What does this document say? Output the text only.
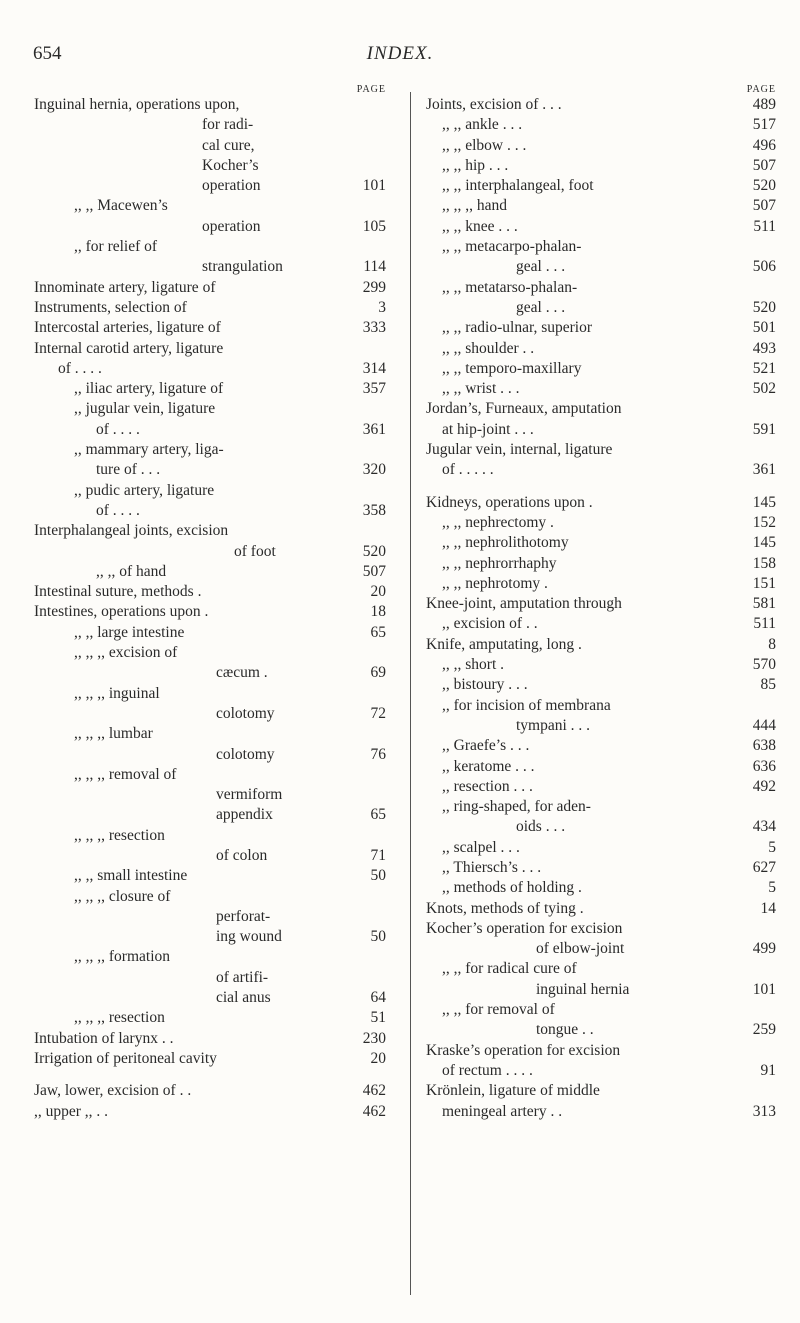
654	INDEX.
PAGE
Inguinal hernia, operations upon,
for radi-
cal cure,
Kocher’s
operation	101
,, ,, Macewen’s
operation	105
,, for relief of
strangulation	114
Innominate artery, ligature of	299
Instruments, selection of	3
Intercostal arteries, ligature of	333
Internal carotid artery, ligature
of . . . .	314
,, iliac artery, ligature of	357
,, jugular vein, ligature
of . . . .	361
,, mammary artery, liga-
ture of . . .	320
,, pudic artery, ligature
of . . . .	358
Interphalangeal joints, excision
of foot	520
,, ,, of hand	507
Intestinal suture, methods .	20
Intestines, operations upon .	18
,, ,, large intestine	65
,, ,, ,, excision of
cæcum .	69
,, ,, ,, inguinal
colotomy	72
,, ,, ,, lumbar
colotomy	76
,, ,, ,, removal of
vermiform
appendix	65
,, ,, ,, resection
of colon	71
,, ,, small intestine	50
,, ,, ,, closure of
perforat-
ing wound	50
,, ,, ,, formation
of artifi-
cial anus	64
,, ,, ,, resection	51
Intubation of larynx . .	230
Irrigation of peritoneal cavity	20
Jaw, lower, excision of . .	462
,, upper ,, . .	462
PAGE
Joints, excision of . . .	489
,, ,, ankle . . .	517
,, ,, elbow . . .	496
,, ,, hip . . .	507
,, ,, interphalangeal, foot	520
,, ,, ,, hand	507
,, ,, knee . . .	511
,, ,, metacarpo-phalan-
geal . . .	506
,, ,, metatarso-phalan-
geal . . .	520
,, ,, radio-ulnar, superior	501
,, ,, shoulder . .	493
,, ,, temporo-maxillary	521
,, ,, wrist . . .	502
Jordan’s, Furneaux, amputation
at hip-joint . . .	591
Jugular vein, internal, ligature
of . . . . .	361
Kidneys, operations upon .	145
,, ,, nephrectomy .	152
,, ,, nephrolithotomy	145
,, ,, nephrorrhaphy	158
,, ,, nephrotomy .	151
Knee-joint, amputation through	581
,, excision of . .	511
Knife, amputating, long .	8
,, ,, short .	570
,, bistoury . . .	85
,, for incision of membrana
tympani . . .	444
,, Graefe’s . . .	638
,, keratome . . .	636
,, resection . . .	492
,, ring-shaped, for aden-
oids . . .	434
,, scalpel . . .	5
,, Thiersch’s . . .	627
,, methods of holding .	5
Knots, methods of tying .	14
Kocher’s operation for excision
of elbow-joint	499
,, ,, for radical cure of
inguinal hernia	101
,, ,, for removal of
tongue . .	259
Kraske’s operation for excision
of rectum . . . .	91
Krönlein, ligature of middle
meningeal artery . .	313
